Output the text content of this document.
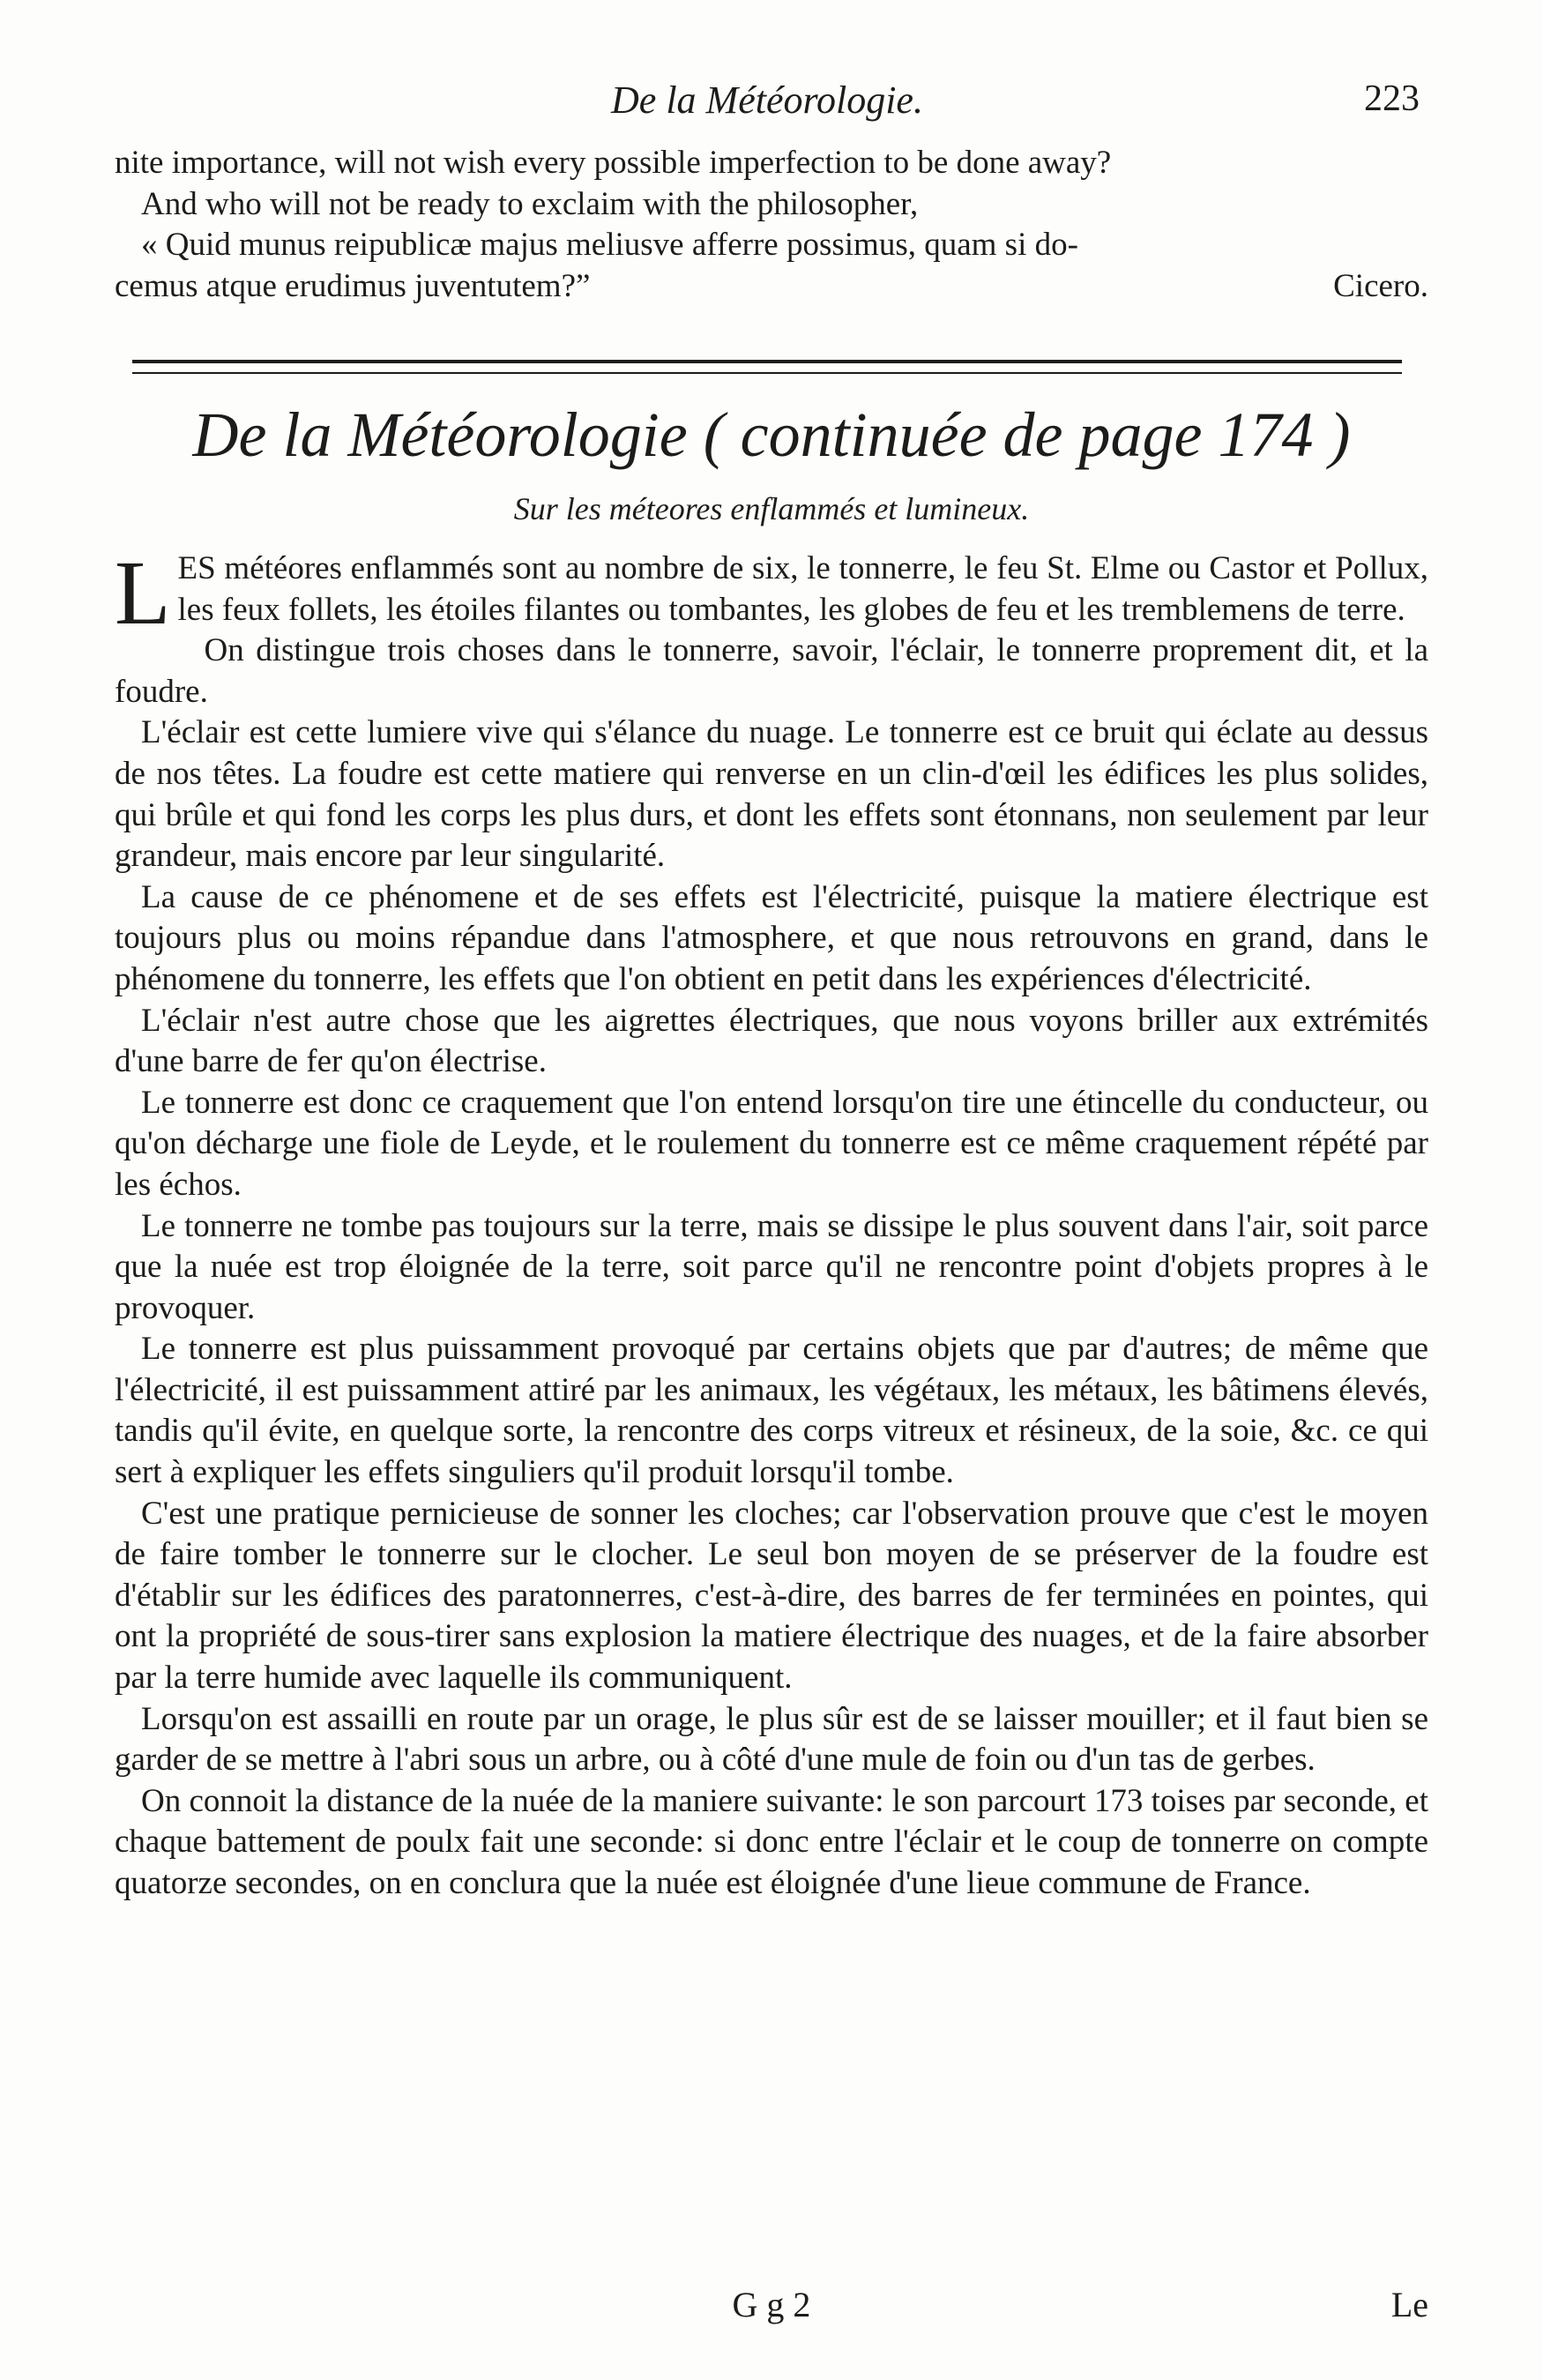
De la Météorologie.	223
nite importance, will not wish every possible imperfection to be done away?
And who will not be ready to exclaim with the philosopher,
« Quid munus reipublicæ majus meliusve afferre possimus, quam si do-
cemus atque erudimus juventutem?”	Cicero.
De la Météorologie ( continuée de page 174 )
Sur les méteores enflammés et lumineux.

LES météores enflammés sont au nombre de six, le tonnerre, le feu St. Elme ou Castor et Pollux, les feux follets, les étoiles filantes ou tombantes, les globes de feu et les tremblemens de terre.

On distingue trois choses dans le tonnerre, savoir, l'éclair, le tonnerre proprement dit, et la foudre.

L'éclair est cette lumiere vive qui s'élance du nuage. Le tonnerre est ce bruit qui éclate au dessus de nos têtes. La foudre est cette matiere qui renverse en un clin-d'œil les édifices les plus solides, qui brûle et qui fond les corps les plus durs, et dont les effets sont étonnans, non seulement par leur grandeur, mais encore par leur singularité.

La cause de ce phénomene et de ses effets est l'électricité, puisque la matiere électrique est toujours plus ou moins répandue dans l'atmosphere, et que nous retrouvons en grand, dans le phénomene du tonnerre, les effets que l'on obtient en petit dans les expériences d'électricité.

L'éclair n'est autre chose que les aigrettes électriques, que nous voyons briller aux extrémités d'une barre de fer qu'on électrise.

Le tonnerre est donc ce craquement que l'on entend lorsqu'on tire une étincelle du conducteur, ou qu'on décharge une fiole de Leyde, et le roulement du tonnerre est ce même craquement répété par les échos.

Le tonnerre ne tombe pas toujours sur la terre, mais se dissipe le plus souvent dans l'air, soit parce que la nuée est trop éloignée de la terre, soit parce qu'il ne rencontre point d'objets propres à le provoquer.

Le tonnerre est plus puissamment provoqué par certains objets que par d'autres; de même que l'électricité, il est puissamment attiré par les animaux, les végétaux, les métaux, les bâtimens élevés, tandis qu'il évite, en quelque sorte, la rencontre des corps vitreux et résineux, de la soie, &c. ce qui sert à expliquer les effets singuliers qu'il produit lorsqu'il tombe.

C'est une pratique pernicieuse de sonner les cloches; car l'observation prouve que c'est le moyen de faire tomber le tonnerre sur le clocher. Le seul bon moyen de se préserver de la foudre est d'établir sur les édifices des paratonnerres, c'est-à-dire, des barres de fer terminées en pointes, qui ont la propriété de sous-tirer sans explosion la matiere électrique des nuages, et de la faire absorber par la terre humide avec laquelle ils communiquent.

Lorsqu'on est assailli en route par un orage, le plus sûr est de se laisser mouiller; et il faut bien se garder de se mettre à l'abri sous un arbre, ou à côté d'une mule de foin ou d'un tas de gerbes.

On connoit la distance de la nuée de la maniere suivante: le son parcourt 173 toises par seconde, et chaque battement de poulx fait une seconde: si donc entre l'éclair et le coup de tonnerre on compte quatorze secondes, on en conclura que la nuée est éloignée d'une lieue commune de France.

G g 2	Le
